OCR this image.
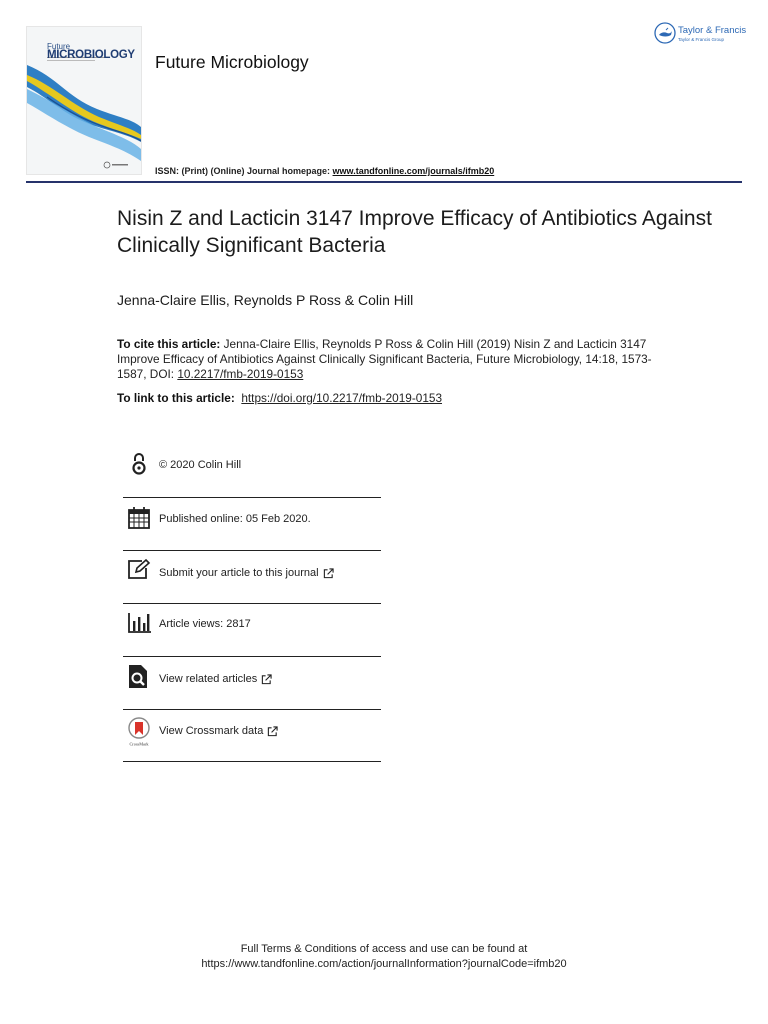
Future
MICROBIOLOGY Future Microbiology
ISSN: (Print) (Online) Journal homepage: www.tandfonline.com/journals/ifmb20
Taylor & Francis
Taylor & Francis Group
Nisin Z and Lacticin 3147 Improve Efficacy of Antibiotics Against Clinically Significant Bacteria
Jenna-Claire Ellis, Reynolds P Ross & Colin Hill
To cite this article: Jenna-Claire Ellis, Reynolds P Ross & Colin Hill (2019) Nisin Z and Lacticin 3147 Improve Efficacy of Antibiotics Against Clinically Significant Bacteria, Future Microbiology, 14:18, 1573-1587, DOI: 10.2217/fmb-2019-0153
To link to this article: https://doi.org/10.2217/fmb-2019-0153
© 2020 Colin Hill
Published online: 05 Feb 2020.
Submit your article to this journal
Article views: 2817
View related articles
CrossMark
View Crossmark data
Full Terms & Conditions of access and use can be found at
https://www.tandfonline.com/action/journalInformation?journalCode=ifmb20
